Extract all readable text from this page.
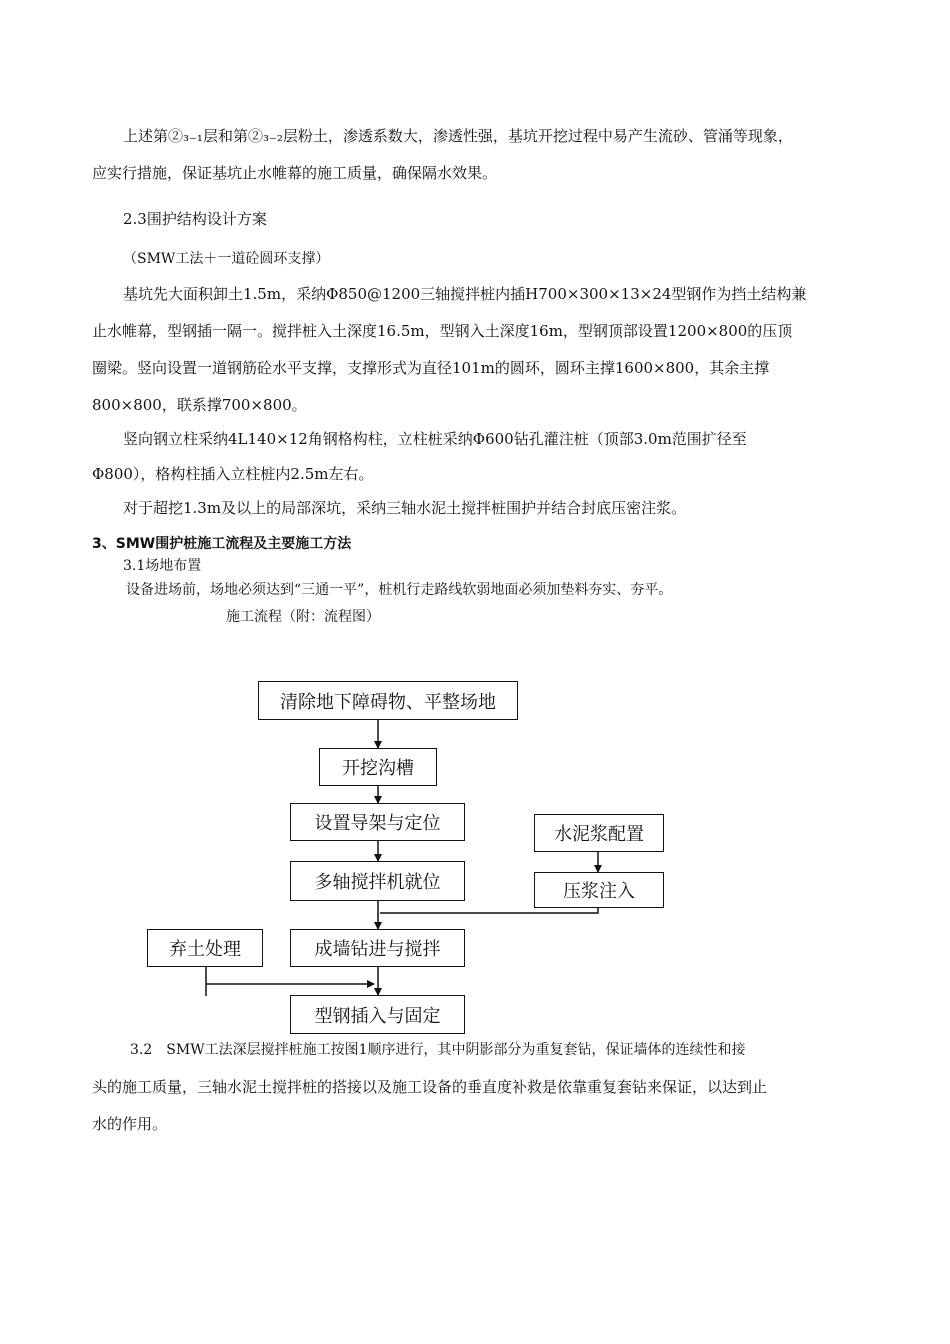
上述第②₃₋₁层和第②₃₋₂层粉土，渗透系数大，渗透性强，基坑开挖过程中易产生流砂、管涌等现象，
应实行措施，保证基坑止水帷幕的施工质量，确保隔水效果。
2.3围护结构设计方案
（SMW工法＋一道砼圆环支撑）
基坑先大面积卸土1.5m，采纳Φ850@1200三轴搅拌桩内插H700×300×13×24型钢作为挡土结构兼
止水帷幕，型钢插一隔一。搅拌桩入土深度16.5m，型钢入土深度16m，型钢顶部设置1200×800的压顶
圈梁。竖向设置一道钢筋砼水平支撑，支撑形式为直径101m的圆环，圆环主撑1600×800，其余主撑
800×800，联系撑700×800。
竖向钢立柱采纳4L140×12角钢格构柱，立柱桩采纳Φ600钻孔灌注桩（顶部3.0m范围扩径至
Φ800），格构柱插入立柱桩内2.5m左右。
对于超挖1.3m及以上的局部深坑，采纳三轴水泥土搅拌桩围护并结合封底压密注浆。
3、SMW围护桩施工流程及主要施工方法
3.1场地布置
设备进场前，场地必须达到“三通一平”，桩机行走路线软弱地面必须加垫料夯实、夯平。
施工流程（附：流程图）
清除地下障碍物、平整场地
开挖沟槽
设置导架与定位
多轴搅拌机就位
成墙钻进与搅拌
型钢插入与固定
水泥浆配置
压浆注入
弃土处理
3.2　SMW工法深层搅拌桩施工按图1顺序进行，其中阴影部分为重复套钻，保证墙体的连续性和接
头的施工质量，三轴水泥土搅拌桩的搭接以及施工设备的垂直度补救是依靠重复套钻来保证，以达到止
水的作用。
